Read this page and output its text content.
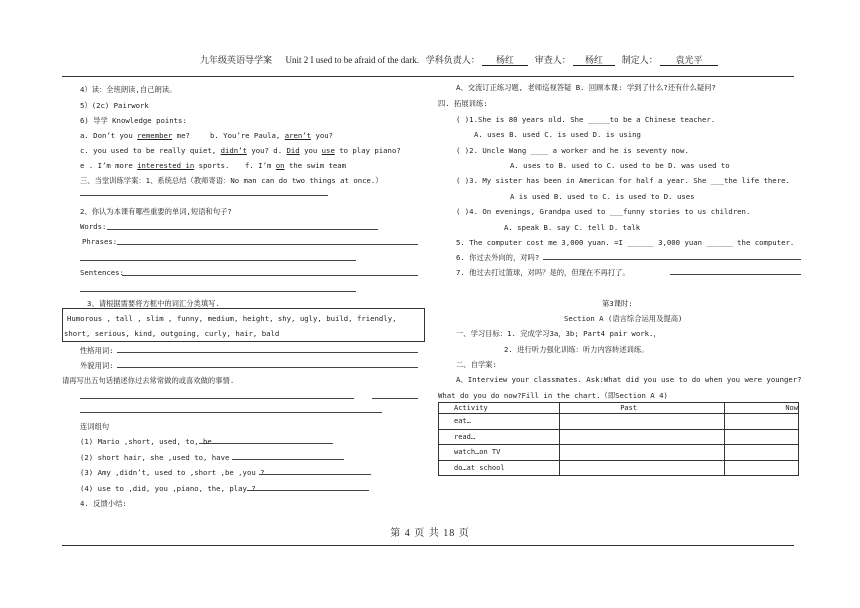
九年级英语导学案 Unit 2 I used to be afraid of the dark. 学科负责人： 杨红 审查人： 杨红 制定人： 袁光平
4）读：全班朗读,自己朗读。
5）(2c) Pairwork
6) 导学 Knowledge points:
a. Don’t you remember me?	b. You’re Paula, aren’t you?
c. you used to be really quiet, didn’t you? d. Did you use to play piano?
e . I’m more interested in sports. f. I’m on the swim team
三、当堂训练学案：1、系统总结（教师寄语：No man can do two things at once.）
2、你认为本课有哪些重要的单词,短语和句子?
Words:
Phrases:
Sentences:
3、请根据需要将方框中的词汇分类填写.
Humorous , tall , slim , funny, medium, height, shy, ugly, build, friendly,
short, serious, kind, outgoing, curly, hair, bald
性格用词:
外貌用词:
请再写出五句话描述你过去常常做的或喜欢做的事情.
连词组句
(1) Mario ,short, used, to, be
(2) short hair, she ,used to, have
(3) Amy ,didn’t, used to ,short ,be ,you ?
(4) use to ,did, you ,piano, the, play ?
4. 反馈小结:
A、交流订正练习题, 老师巡视答疑 B. 回顾本课: 学到了什么?还有什么疑问?
四. 拓展训练:
( )1.She is 80 years old. She _____to be a Chinese teacher.
A. uses B. used C. is used D. is using
( )2. Uncle Wang ____ a worker and he is seventy now.
A. uses to B. used to C. used to be D. was used to
( )3. My sister has been in American for half a year. She ___the life there.
A is used B. used to C. is used to D. uses
( )4. On evenings, Grandpa used to ___funny stories to us children.
A. speak B. say C. tell D. talk
5. The computer cost me 3,000 yuan. =I ______ 3,000 yuan ______ the computer.
6. 你过去外向的，对吗?
7. 他过去打过篮球，对吗？是的，但现在不再打了。
第3课时:
Section A (语言综合运用及提高)
一、学习目标：1. 完成学习3a，3b; Part4 pair work.，
2. 进行听力强化训练：听力内容转述训练。
二、自学案:
A、Interview your classmates. Ask:What did you use to do when you were younger?
What do you do now?Fill in the chart.（即Section A 4)
Activity	Past	Now
eat…		
read…		
watch…on TV		
do…at school		
第 4 页 共 18 页
